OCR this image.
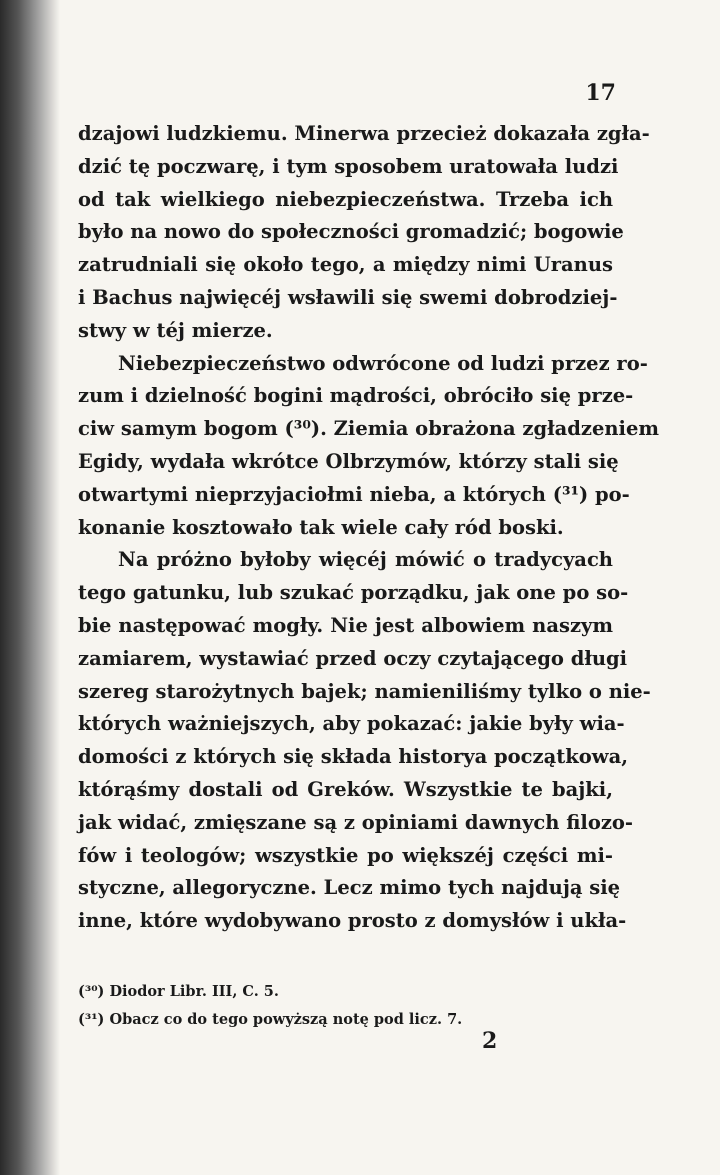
17

dzajowi ludzkiemu. Minerwa przecież dokazała zgła-
dzić tę poczwarę, i tym sposobem uratowała ludzi
od tak wielkiego niebezpieczeństwa. Trzeba ich
było na nowo do społeczności gromadzić; bogowie
zatrudniali się około tego, a między nimi Uranus
i Bachus najwięcéj wsławili się swemi dobrodziej-
stwy w téj mierze.
Niebezpieczeństwo odwrócone od ludzi przez ro-
zum i dzielność bogini mądrości, obróciło się prze-
ciw samym bogom (³⁰). Ziemia obrażona zgładzeniem
Egidy, wydała wkrótce Olbrzymów, którzy stali się
otwartymi nieprzyjaciołmi nieba, a których (³¹) po-
konanie kosztowało tak wiele cały ród boski.
Na próżno byłoby więcéj mówić o tradycyach
tego gatunku, lub szukać porządku, jak one po so-
bie następować mogły. Nie jest albowiem naszym
zamiarem, wystawiać przed oczy czytającego długi
szereg starożytnych bajek; namieniliśmy tylko o nie-
których ważniejszych, aby pokazać: jakie były wia-
domości z których się składa historya początkowa,
którąśmy dostali od Greków. Wszystkie te bajki,
jak widać, zmięszane są z opiniami dawnych filozo-
fów i teologów; wszystkie po większéj części mi-
styczne, allegoryczne. Lecz mimo tych najdują się
inne, które wydobywano prosto z domysłów i ukła-
(³⁰) Diodor Libr. III, C. 5.
(³¹) Obacz co do tego powyższą notę pod licz. 7.
2
